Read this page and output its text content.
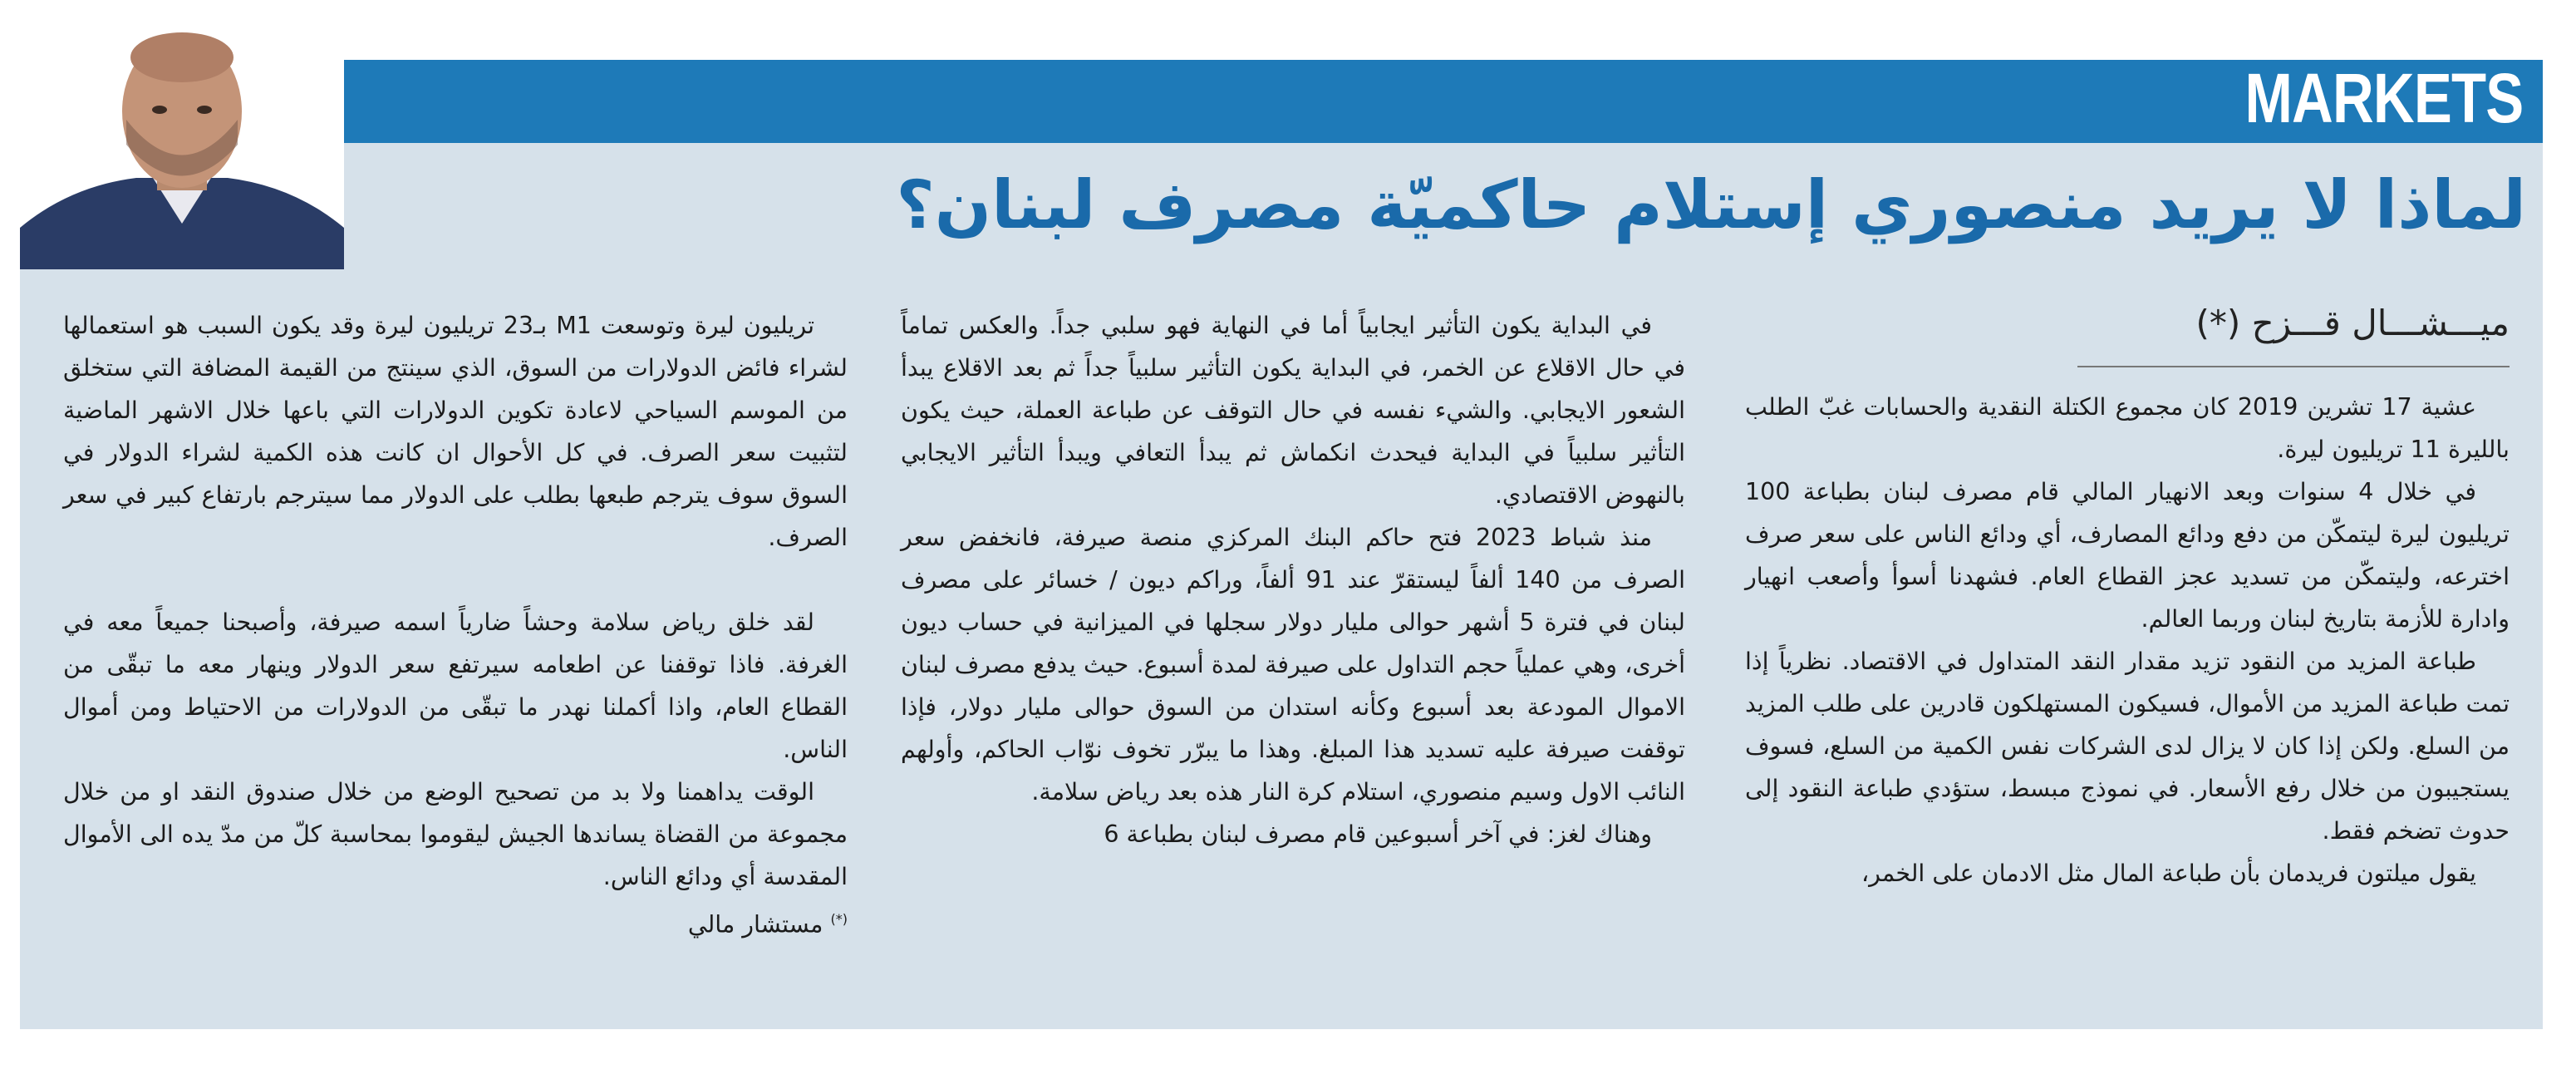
MARKETS
لماذا لا يريد منصوري إستلام حاكميّة مصرف لبنان؟
ميـــشـــال قـــزح (*)

عشية 17 تشرين 2019 كان مجموع الكتلة النقدية والحسابات غبّ الطلب بالليرة 11 تريليون ليرة.

في خلال 4 سنوات وبعد الانهيار المالي قام مصرف لبنان بطباعة 100 تريليون ليرة ليتمكّن من دفع ودائع المصارف، أي ودائع الناس على سعر صرف اخترعه، وليتمكّن من تسديد عجز القطاع العام. فشهدنا أسوأ وأصعب انهيار وادارة للأزمة بتاريخ لبنان وربما العالم.

طباعة المزيد من النقود تزيد مقدار النقد المتداول في الاقتصاد. نظرياً إذا تمت طباعة المزيد من الأموال، فسيكون المستهلكون قادرين على طلب المزيد من السلع. ولكن إذا كان لا يزال لدى الشركات نفس الكمية من السلع، فسوف يستجيبون من خلال رفع الأسعار. في نموذج مبسط، ستؤدي طباعة النقود إلى حدوث تضخم فقط.

يقول ميلتون فريدمان بأن طباعة المال مثل الادمان على الخمر،

في البداية يكون التأثير ايجابياً أما في النهاية فهو سلبي جداً. والعكس تماماً في حال الاقلاع عن الخمر، في البداية يكون التأثير سلبياً جداً ثم بعد الاقلاع يبدأ الشعور الايجابي. والشيء نفسه في حال التوقف عن طباعة العملة، حيث يكون التأثير سلبياً في البداية فيحدث انكماش ثم يبدأ التعافي ويبدأ التأثير الايجابي بالنهوض الاقتصادي.

منذ شباط 2023 فتح حاكم البنك المركزي منصة صيرفة، فانخفض سعر الصرف من 140 ألفاً ليستقرّ عند 91 ألفاً، وراكم ديون / خسائر على مصرف لبنان في فترة 5 أشهر حوالى مليار دولار سجلها في الميزانية في حساب ديون أخرى، وهي عملياً حجم التداول على صيرفة لمدة أسبوع. حيث يدفع مصرف لبنان الاموال المودعة بعد أسبوع وكأنه استدان من السوق حوالى مليار دولار، فإذا توقفت صيرفة عليه تسديد هذا المبلغ. وهذا ما يبرّر تخوف نوّاب الحاكم، وأولهم النائب الاول وسيم منصوري، استلام كرة النار هذه بعد رياض سلامة.

وهناك لغز: في آخر أسبوعين قام مصرف لبنان بطباعة 6

تريليون ليرة وتوسعت M1 بـ23 تريليون ليرة وقد يكون السبب هو استعمالها لشراء فائض الدولارات من السوق، الذي سينتج من القيمة المضافة التي ستخلق من الموسم السياحي لاعادة تكوين الدولارات التي باعها خلال الاشهر الماضية لتثبيت سعر الصرف. في كل الأحوال ان كانت هذه الكمية لشراء الدولار في السوق سوف يترجم طبعها بطلب على الدولار مما سيترجم بارتفاع كبير في سعر الصرف.

لقد خلق رياض سلامة وحشاً ضارياً اسمه صيرفة، وأصبحنا جميعاً معه في الغرفة. فاذا توقفنا عن اطعامه سيرتفع سعر الدولار وينهار معه ما تبقّى من القطاع العام، واذا أكملنا نهدر ما تبقّى من الدولارات من الاحتياط ومن أموال الناس.

الوقت يداهمنا ولا بد من تصحيح الوضع من خلال صندوق النقد او من خلال مجموعة من القضاة يساندها الجيش ليقوموا بمحاسبة كلّ من مدّ يده الى الأموال المقدسة أي ودائع الناس.

(*) مستشار مالي
